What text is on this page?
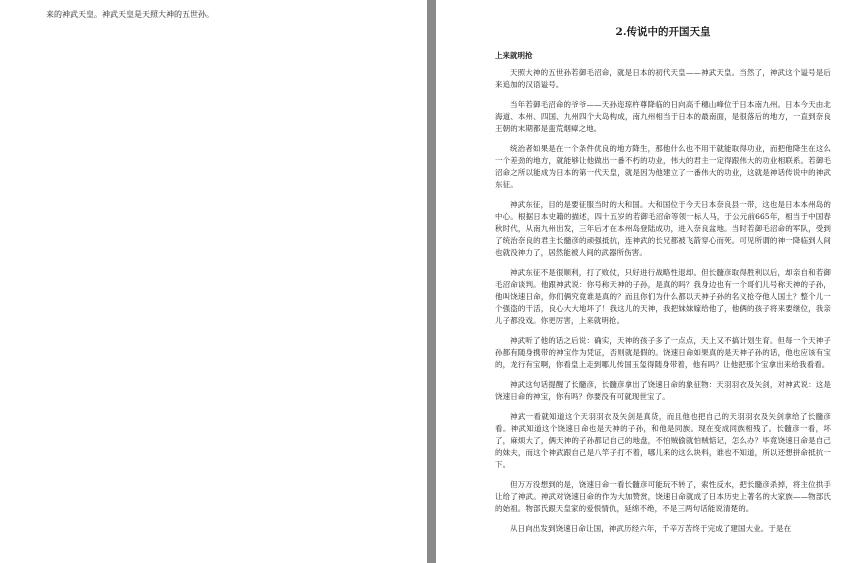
来的神武天皇。神武天皇是天照大神的五世孙。
2.传说中的开国天皇
上来就明抢

天照大神的五世孙若御毛沼命，就是日本的初代天皇——神武天皇。当然了，神武这个谥号是后来追加的汉语谥号。

当年若御毛沼命的爷爷——天孙迩琼杵尊降临的日向高千穗山峰位于日本南九州。日本今天由北海道、本州、四国、九州四个大岛构成，南九州相当于日本的最南面，是很落后的地方，一直到奈良王朝的末期都是蛮荒烟瘴之地。

统治者如果是在一个条件优良的地方降生，那他什么也不用干就能取得功业，而把他降生在这么一个差劲的地方，就能够让他做出一番不朽的功业，伟大的君主一定得跟伟大的功业相联系。若御毛沼命之所以能成为日本的第一代天皇，就是因为他建立了一番伟大的功业，这就是神话传说中的神武东征。

神武东征，目的是要征服当时的大和国。大和国位于今天日本奈良县一带，这也是日本本州岛的中心。根据日本史籍的描述，四十五岁的若御毛沼命等领一标人马，于公元前665年，相当于中国春秋时代，从南九州出发，三年后才在本州岛登陆成功，进入奈良盆地。当时若御毛沼命的军队，受到了统治奈良的君主长髓彦的顽强抵抗，连神武的长兄都被飞箭穿心而死。可见所谓的神一降临到人间也就没神力了，居然能被人间的武器所伤害。

神武东征不是很顺利，打了败仗，只好进行战略性退却。但长髓彦取得胜利以后，却亲自和若御毛沼命谈判。他跟神武说：你号称天神的子孙，是真的吗？我身边也有一个哥们儿号称天神的子孙，他叫饶速日命，你们俩究竟谁是真的？而且你们为什么都以天神子孙的名义抢夺他人国土？整个儿一个强盗的干活，良心大大地坏了！我这儿的天神，我把妹妹嫁给他了，他俩的孩子将来要继位，我亲儿子都没戏。你更厉害，上来就明抢。

神武听了他的话之后说：确实，天神的孩子多了一点点，天上又不搞计划生育。但每一个天神子孙都有随身携带的神宝作为凭证，否则就是假的。饶速日命如果真的是天神子孙的话，他也应该有宝的，龙行有宝啊，你看皇上走到哪儿传国玉玺得随身带着，他有吗？让他把那个宝拿出来给我看看。

神武这句话提醒了长髓彦，长髓彦拿出了饶速日命的象征物：天羽羽衣及矢剑，对神武说：这是饶速日命的神宝，你有吗？你要没有可就现世宝了。

神武一看就知道这个天羽羽衣及矢剑是真货，而且他也把自己的天羽羽衣及矢剑拿给了长髓彦看。神武知道这个饶速日命也是天神的子孙，和他是同族。现在变成同族相残了。长髓彦一看，坏了，麻烦大了，俩天神的子孙都记自己的地盘，不怕贼偷就怕贼惦记，怎么办？毕竟饶速日命是自己的妹夫，而这个神武跟自己是八竿子打不着，哪儿来的这么块料，谁也不知道，所以还想拼命抵抗一下。

但万万没想到的是，饶速日命一看长髓彦可能玩不转了，索性反水，把长髓彦杀掉，将主位拱手让给了神武。神武对饶速日命的作为大加赞赏，饶速日命就成了日本历史上著名的大家族——物部氏的始祖。物部氏跟天皇家的爱恨情仇，延绵不绝，不是三两句话能说清楚的。

从日向出发到饶速日命让国，神武历经六年，千辛万苦终于完成了建国大业。于是在
